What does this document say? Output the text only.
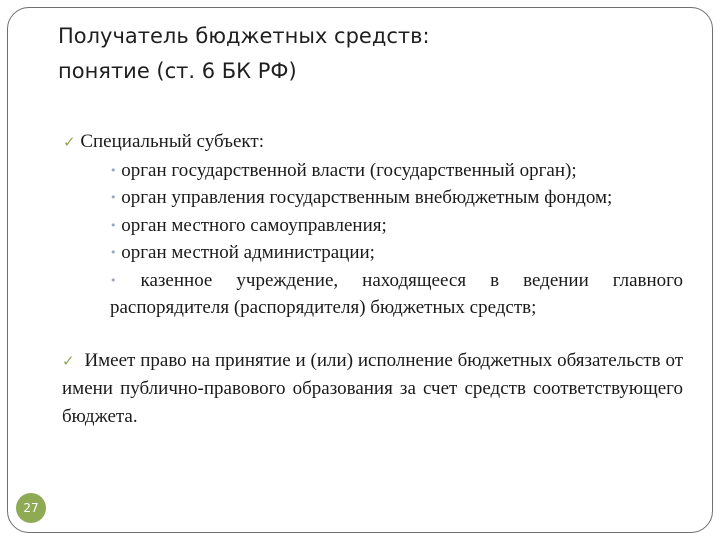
Получатель бюджетных средств:
понятие (ст. 6 БК РФ)
✓ Специальный субъект:
• орган государственной власти (государственный орган);
• орган управления государственным внебюджетным фондом;
• орган местного самоуправления;
• орган местной администрации;
• казенное учреждение, находящееся в ведении главного распорядителя (распорядителя) бюджетных средств;
✓ Имеет право на принятие и (или) исполнение бюджетных обязательств от имени публично-правового образования за счет средств соответствующего бюджета.
27
